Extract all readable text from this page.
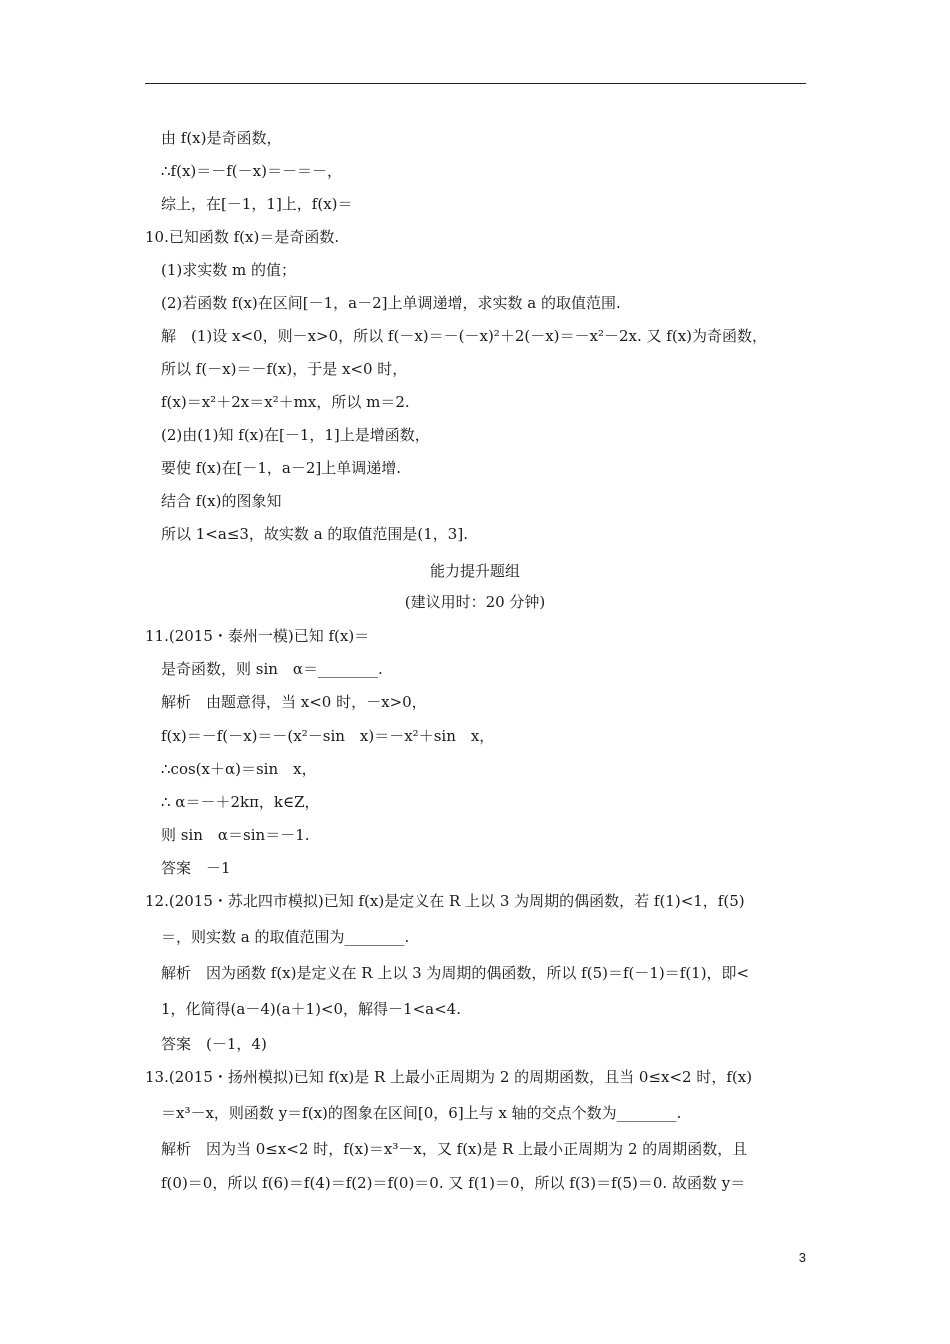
由 f(x)是奇函数，
∴f(x)＝－f(－x)＝－＝－，
综上，在[－1，1]上，f(x)＝
10.已知函数 f(x)＝是奇函数.
(1)求实数 m 的值；
(2)若函数 f(x)在区间[－1，a－2]上单调递增，求实数 a 的取值范围.
解　(1)设 x<0，则－x>0，所以 f(－x)＝－(－x)²＋2(－x)＝－x²－2x. 又 f(x)为奇函数，
所以 f(－x)＝－f(x)，于是 x<0 时，
f(x)＝x²＋2x＝x²＋mx，所以 m＝2.
(2)由(1)知 f(x)在[－1，1]上是增函数，
要使 f(x)在[－1，a－2]上单调递增.
结合 f(x)的图象知
所以 1<a≤3，故实数 a 的取值范围是(1，3].
能力提升题组
(建议用时：20 分钟)
11.(2015・泰州一模)已知 f(x)＝
是奇函数，则 sin　α＝________.
解析　由题意得，当 x<0 时，－x>0，
f(x)＝－f(－x)＝－(x²－sin　x)＝－x²＋sin　x，
∴cos(x＋α)＝sin　x，
∴ α＝－＋2kπ，k∈Z，
则 sin　α＝sin＝－1.
答案　－1
12.(2015・苏北四市模拟)已知 f(x)是定义在 R 上以 3 为周期的偶函数，若 f(1)<1，f(5)
＝，则实数 a 的取值范围为________.
解析　因为函数 f(x)是定义在 R 上以 3 为周期的偶函数，所以 f(5)＝f(－1)＝f(1)，即<
1，化简得(a－4)(a＋1)<0，解得－1<a<4.
答案　(－1，4)
13.(2015・扬州模拟)已知 f(x)是 R 上最小正周期为 2 的周期函数，且当 0≤x<2 时，f(x)
＝x³－x，则函数 y＝f(x)的图象在区间[0，6]上与 x 轴的交点个数为________.
解析　因为当 0≤x<2 时，f(x)＝x³－x，又 f(x)是 R 上最小正周期为 2 的周期函数，且
f(0)＝0，所以 f(6)＝f(4)＝f(2)＝f(0)＝0. 又 f(1)＝0，所以 f(3)＝f(5)＝0. 故函数 y＝
3
